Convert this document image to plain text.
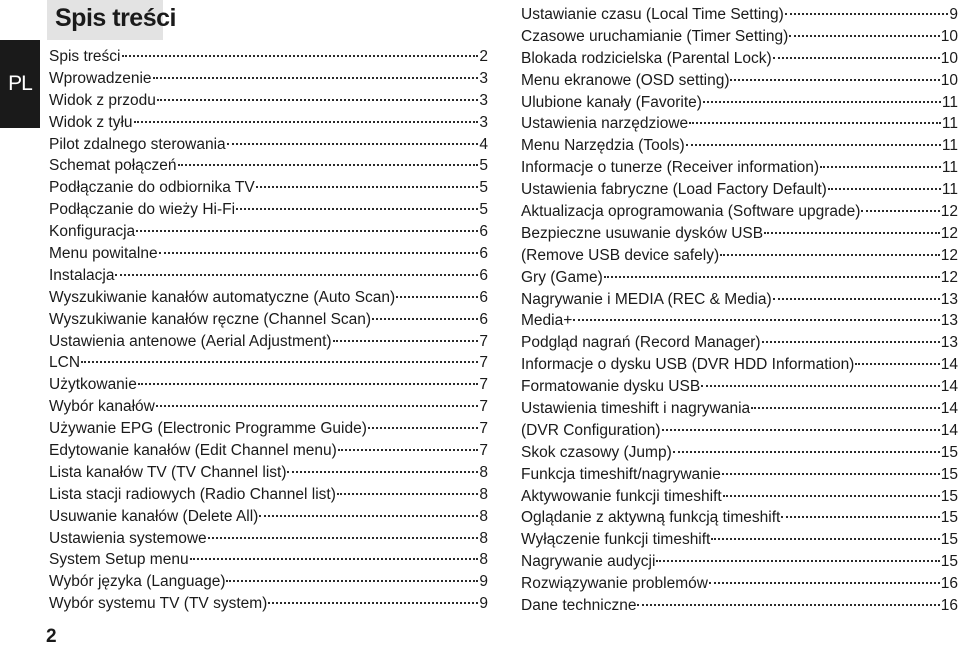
PL
Spis treści
Spis treści	2
Wprowadzenie	3
Widok z przodu	3
Widok z tyłu	3
Pilot zdalnego sterowania	4
Schemat połączeń	5
Podłączanie do odbiornika TV	5
Podłączanie do wieży Hi-Fi	5
Konfiguracja	6
Menu powitalne	6
Instalacja	6
Wyszukiwanie kanałów automatyczne (Auto Scan)	6
Wyszukiwanie kanałów ręczne (Channel Scan)	6
Ustawienia antenowe (Aerial Adjustment)	7
LCN	7
Użytkowanie	7
Wybór kanałów	7
Używanie EPG (Electronic Programme Guide)	7
Edytowanie kanałów (Edit Channel menu)	7
Lista kanałów TV (TV Channel list)	8
Lista stacji radiowych (Radio Channel list)	8
Usuwanie kanałów (Delete All)	8
Ustawienia systemowe	8
System Setup menu	8
Wybór języka (Language)	9
Wybór systemu TV (TV system)	9
Ustawianie czasu (Local Time Setting)	9
Czasowe uruchamianie (Timer Setting)	10
Blokada rodzicielska (Parental Lock)	10
Menu ekranowe (OSD setting)	10
Ulubione kanały (Favorite)	11
Ustawienia narzędziowe	11
Menu Narzędzia (Tools)	11
Informacje o tunerze (Receiver information)	11
Ustawienia fabryczne (Load Factory Default)	11
Aktualizacja oprogramowania (Software upgrade)	12
Bezpieczne usuwanie dysków USB	12
(Remove USB device safely)	12
Gry (Game)	12
Nagrywanie i MEDIA (REC & Media)	13
Media+	13
Podgląd nagrań (Record Manager)	13
Informacje o dysku USB (DVR HDD Information)	14
Formatowanie dysku USB	14
Ustawienia timeshift i nagrywania	14
(DVR Configuration)	14
Skok czasowy (Jump)	15
Funkcja timeshift/nagrywanie	15
Aktywowanie funkcji timeshift	15
Oglądanie z aktywną funkcją timeshift	15
Wyłączenie funkcji timeshift	15
Nagrywanie audycji	15
Rozwiązywanie problemów	16
Dane techniczne	16
2
